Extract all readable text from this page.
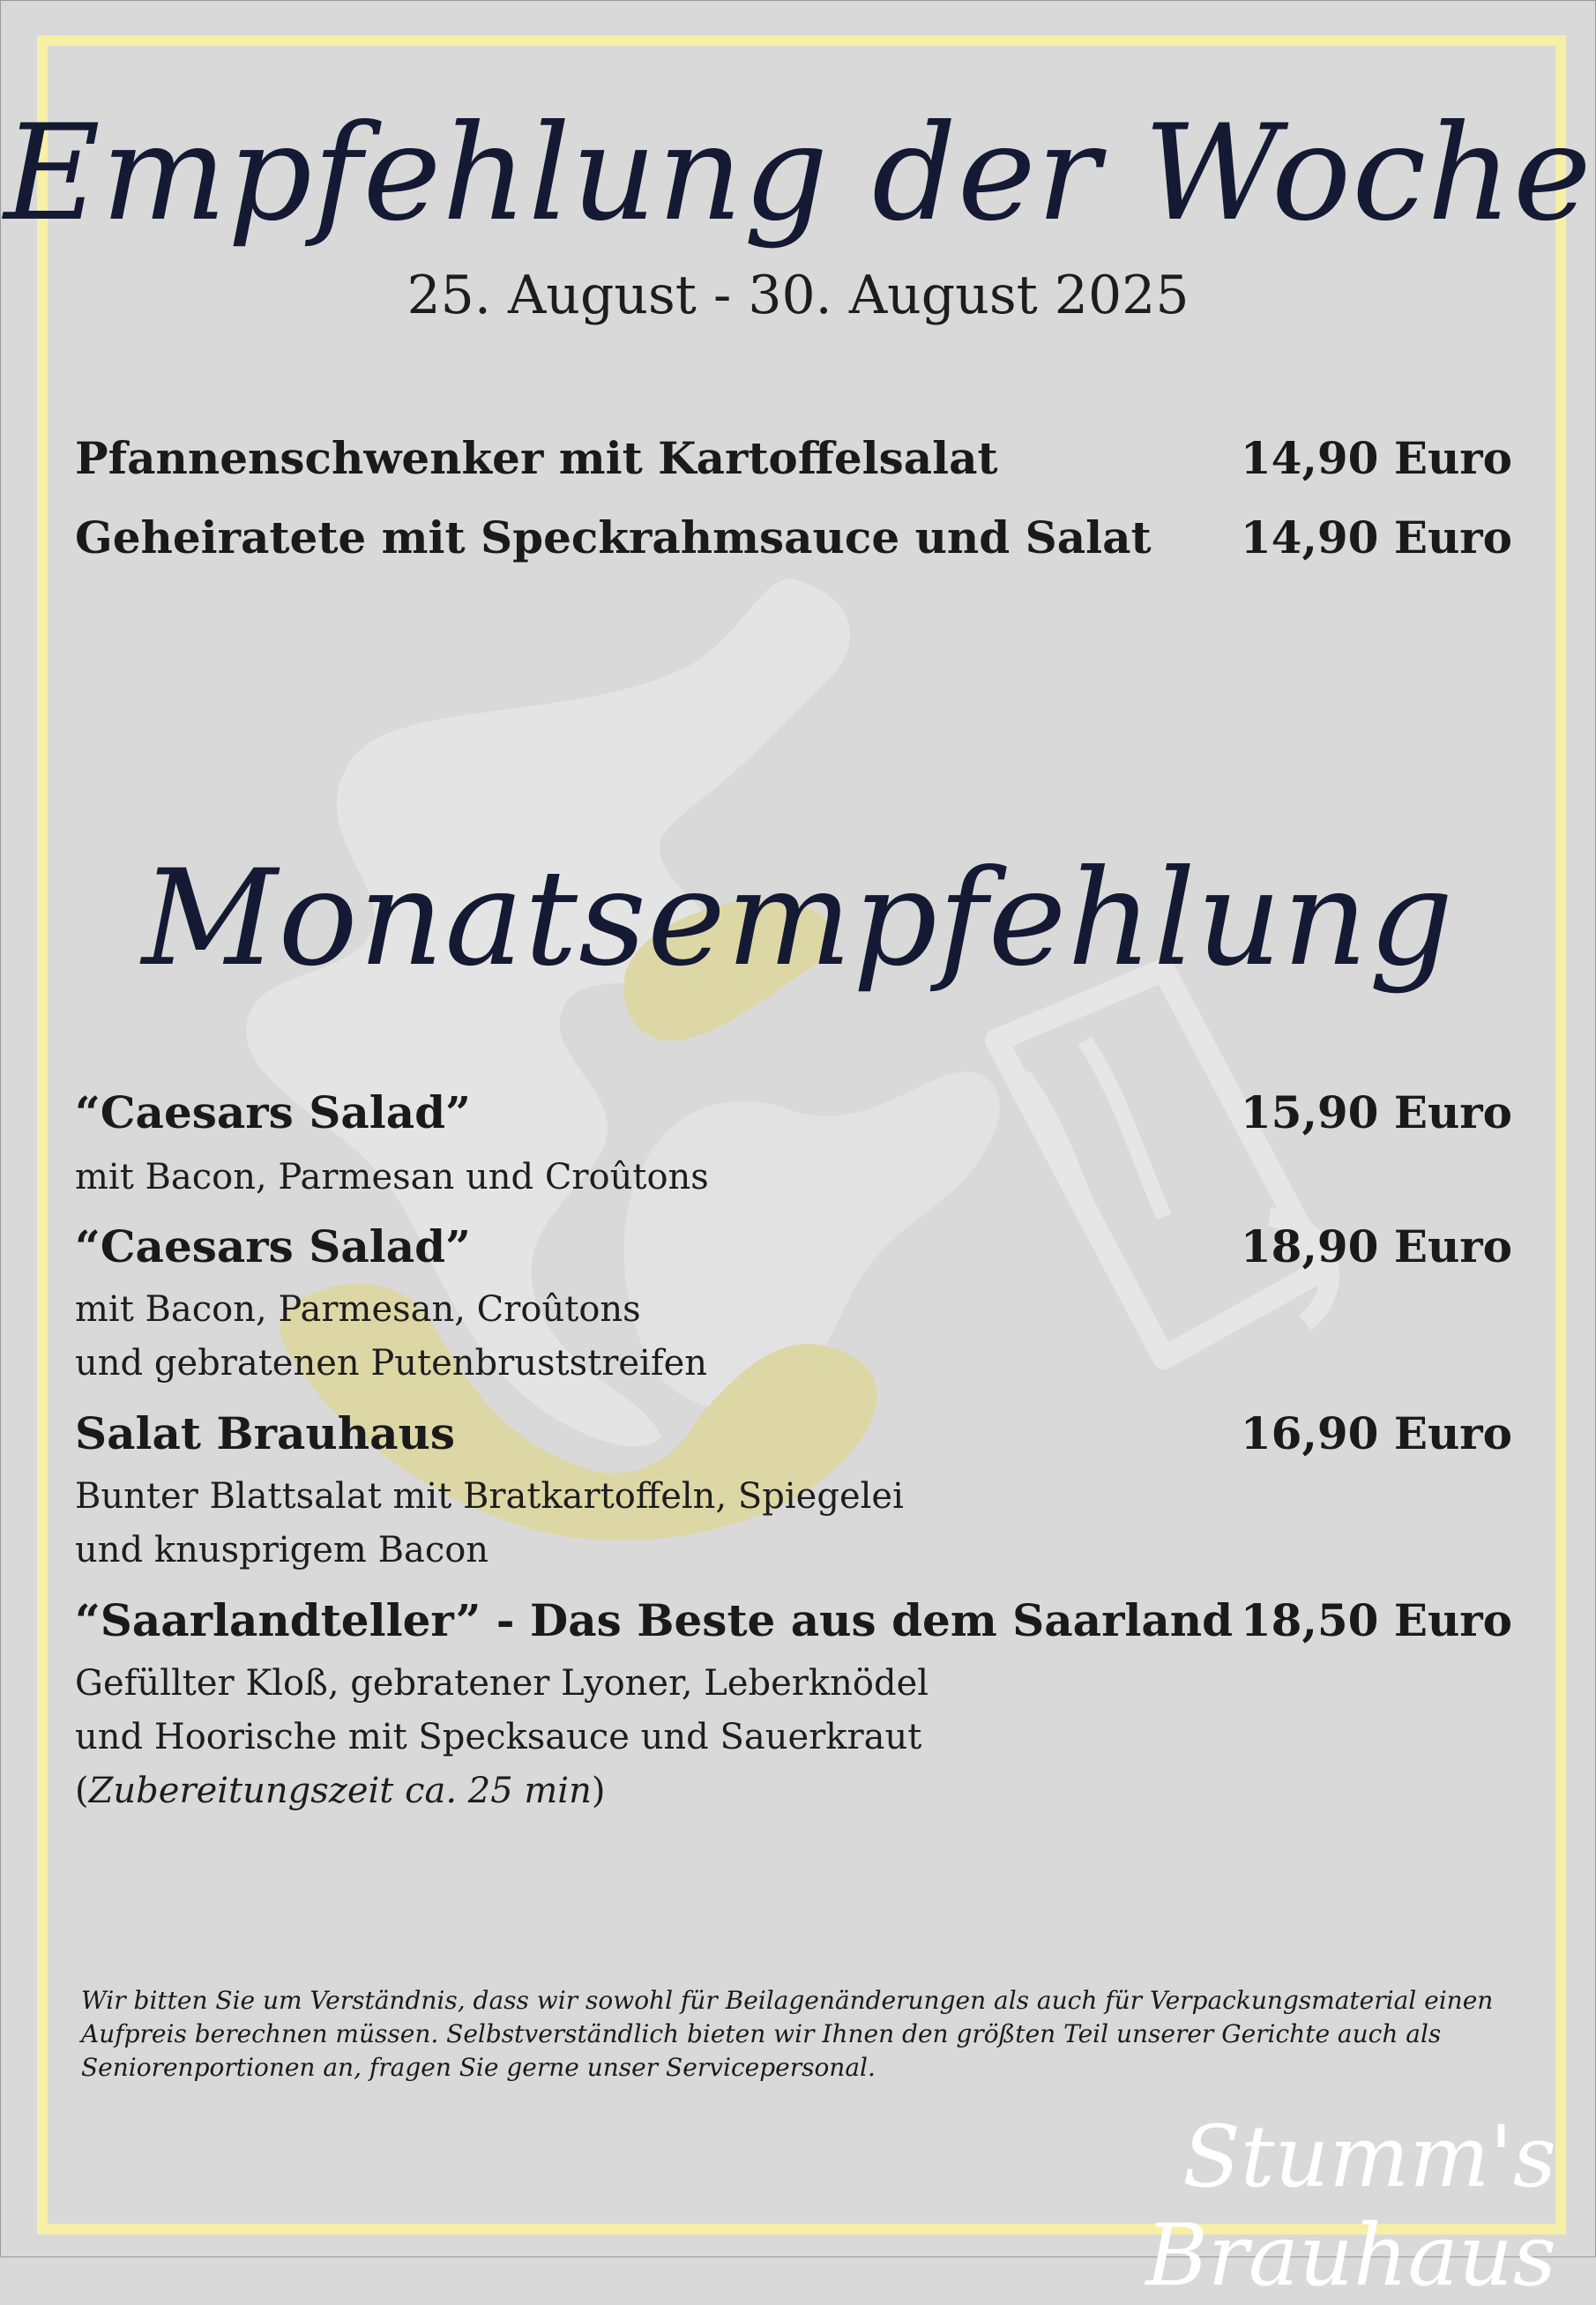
Empfehlung der Woche
25. August - 30. August 2025
Pfannenschwenker mit Kartoffelsalat	14,90 Euro
Geheiratete mit Speckrahmsauce und Salat 14,90 Euro
Monatsempfehlung
“Caesars Salad”	15,90 Euro
mit Bacon, Parmesan und Croûtons
“Caesars Salad”	18,90 Euro
mit Bacon, Parmesan, Croûtons
und gebratenen Putenbruststreifen
Salat Brauhaus	16,90 Euro
Bunter Blattsalat mit Bratkartoffeln, Spiegelei
und knusprigem Bacon
“Saarlandteller” - Das Beste aus dem Saarland 18,50 Euro
Gefüllter Kloß, gebratener Lyoner, Leberknödel
und Hoorische mit Specksauce und Sauerkraut
(Zubereitungszeit ca. 25 min)
Wir bitten Sie um Verständnis, dass wir sowohl für Beilagenänderungen als auch für Verpackungsmaterial einen Aufpreis berechnen müssen. Selbstverständlich bieten wir Ihnen den größten Teil unserer Gerichte auch als Seniorenportionen an, fragen Sie gerne unser Servicepersonal.
Stumm's Brauhaus
